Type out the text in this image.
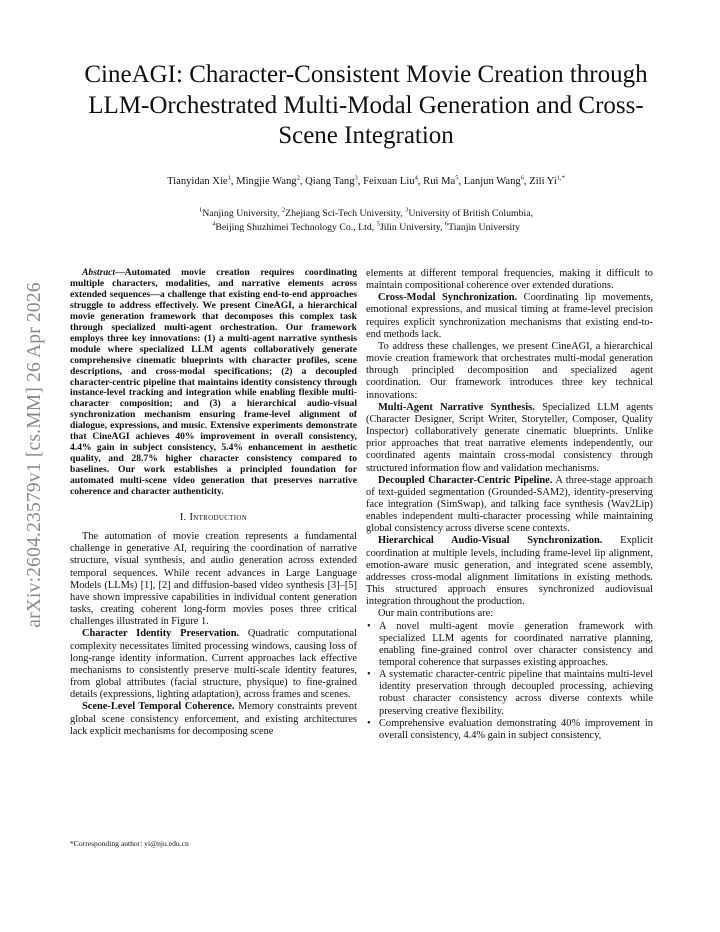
arXiv:2604.23579v1 [cs.MM] 26 Apr 2026
CineAGI: Character-Consistent Movie Creation through LLM-Orchestrated Multi-Modal Generation and Cross-Scene Integration
Tianyidan Xie$^1$, Mingjie Wang$^2$, Qiang Tang$^3$, Feixuan Liu$^4$, Rui Ma$^5$, Lanjun Wang$^6$, Zili $Yi^{1,*}$
$^1$Nanjing University, $^2$Zhejiang Sci-Tech University, $^3$University of British Columbia,
$^4$Beijing Shuzhimei Technology Co., Ltd, $^5$Jilin University, $^6$Tianjin University

Abstract—Automated movie creation requires coordinating multiple characters, modalities, and narrative elements across extended sequences—a challenge that existing end-to-end approaches struggle to address effectively. We present CineAGI, a hierarchical movie generation framework that decomposes this complex task through specialized multi-agent orchestration. Our framework employs three key innovations: (1) a multi-agent narrative synthesis module where specialized LLM agents collaboratively generate comprehensive cinematic blueprints with character profiles, scene descriptions, and cross-modal specifications; (2) a decoupled character-centric pipeline that maintains identity consistency through instance-level tracking and integration while enabling flexible multi-character composition; and (3) a hierarchical audio-visual synchronization mechanism ensuring frame-level alignment of dialogue, expressions, and music. Extensive experiments demonstrate that CineAGI achieves 40% improvement in overall consistency, 4.4% gain in subject consistency, 5.4% enhancement in aesthetic quality, and 28.7% higher character consistency compared to baselines. Our work establishes a principled foundation for automated multi-scene video generation that preserves narrative coherence and character authenticity.

I. Introduction

The automation of movie creation represents a fundamental challenge in generative AI, requiring the coordination of narrative structure, visual synthesis, and audio generation across extended temporal sequences. While recent advances in Large Language Models (LLMs) [1], [2] and diffusion-based video synthesis [3]–[5] have shown impressive capabilities in individual content generation tasks, creating coherent long-form movies poses three critical challenges illustrated in Figure 1.

Character Identity Preservation. Quadratic computational complexity necessitates limited processing windows, causing loss of long-range identity information. Current approaches lack effective mechanisms to consistently preserve multi-scale identity features, from global attributes (facial structure, physique) to fine-grained details (expressions, lighting adaptation), across frames and scenes.

Scene-Level Temporal Coherence. Memory constraints prevent global scene consistency enforcement, and existing architectures lack explicit mechanisms for decomposing scene

elements at different temporal frequencies, making it difficult to maintain compositional coherence over extended durations.

Cross-Modal Synchronization. Coordinating lip movements, emotional expressions, and musical timing at frame-level precision requires explicit synchronization mechanisms that existing end-to-end methods lack.

To address these challenges, we present CineAGI, a hierarchical movie creation framework that orchestrates multi-modal generation through principled decomposition and specialized agent coordination. Our framework introduces three key technical innovations:

Multi-Agent Narrative Synthesis. Specialized LLM agents (Character Designer, Script Writer, Storyteller, Composer, Quality Inspector) collaboratively generate cinematic blueprints. Unlike prior approaches that treat narrative elements independently, our coordinated agents maintain cross-modal consistency through structured information flow and validation mechanisms.

Decoupled Character-Centric Pipeline. A three-stage approach of text-guided segmentation (Grounded-SAM2), identity-preserving face integration (SimSwap), and talking face synthesis (Wav2Lip) enables independent multi-character processing while maintaining global consistency across diverse scene contexts.

Hierarchical Audio-Visual Synchronization. Explicit coordination at multiple levels, including frame-level lip alignment, emotion-aware music generation, and integrated scene assembly, addresses cross-modal alignment limitations in existing methods. This structured approach ensures synchronized audiovisual integration throughout the production.

Our main contributions are:

• A novel multi-agent movie generation framework with specialized LLM agents for coordinated narrative planning, enabling fine-grained control over character consistency and temporal coherence that surpasses existing approaches.
• A systematic character-centric pipeline that maintains multi-level identity preservation through decoupled processing, achieving robust character consistency across diverse contexts while preserving creative flexibility.
• Comprehensive evaluation demonstrating 40% improvement in overall consistency, 4.4% gain in subject consistency,
*Corresponding author: yi@nju.edu.cn
